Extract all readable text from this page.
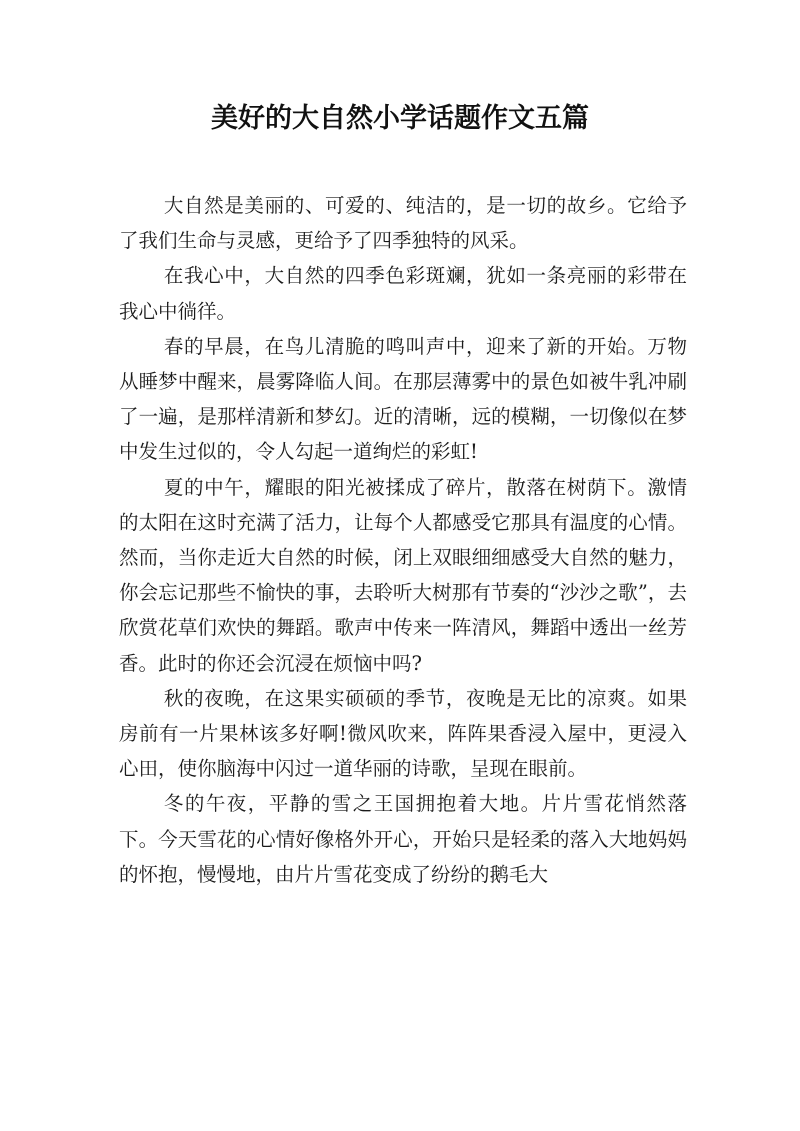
美好的大自然小学话题作文五篇

大自然是美丽的、可爱的、纯洁的，是一切的故乡。它给予了我们生命与灵感，更给予了四季独特的风采。

在我心中，大自然的四季色彩斑斓，犹如一条亮丽的彩带在我心中徜徉。

春的早晨，在鸟儿清脆的鸣叫声中，迎来了新的开始。万物从睡梦中醒来，晨雾降临人间。在那层薄雾中的景色如被牛乳冲刷了一遍，是那样清新和梦幻。近的清晰，远的模糊，一切像似在梦中发生过似的，令人勾起一道绚烂的彩虹!

夏的中午，耀眼的阳光被揉成了碎片，散落在树荫下。激情的太阳在这时充满了活力，让每个人都感受它那具有温度的心情。然而，当你走近大自然的时候，闭上双眼细细感受大自然的魅力，你会忘记那些不愉快的事，去聆听大树那有节奏的“沙沙之歌”，去欣赏花草们欢快的舞蹈。歌声中传来一阵清风，舞蹈中透出一丝芳香。此时的你还会沉浸在烦恼中吗?

秋的夜晚，在这果实硕硕的季节，夜晚是无比的凉爽。如果房前有一片果林该多好啊!微风吹来，阵阵果香浸入屋中，更浸入心田，使你脑海中闪过一道华丽的诗歌，呈现在眼前。

冬的午夜，平静的雪之王国拥抱着大地。片片雪花悄然落下。今天雪花的心情好像格外开心，开始只是轻柔的落入大地妈妈的怀抱，慢慢地，由片片雪花变成了纷纷的鹅毛大
